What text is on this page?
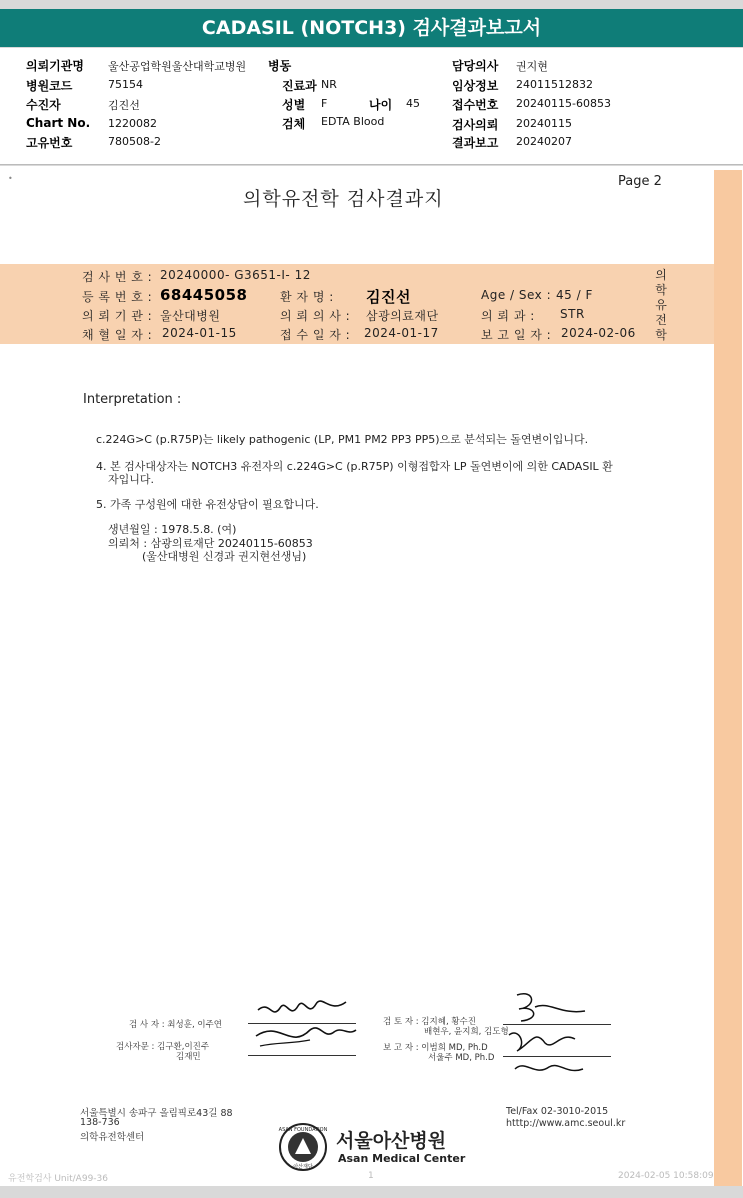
CADASIL (NOTCH3) 검사결과보고서
의뢰기관명 울산공업학원울산대학교병원 병동	담당의사 권지현
병원코드	75154	진료과 NR	임상정보 24011512832
수진자	김진선	성별 F	나이 45	접수번호 20240115-60853
Chart No. 1220082	검체 EDTA Blood	검사의뢰 20240115
고유번호	780508-2	결과보고 20240207
•	Page 2
의학유전학 검사결과지
검 사 번 호 : 20240000- G3651-I- 12
등 록 번 호 : 68445058	환 자 명 : 김진선	Age / Sex : 45 / F
의 뢰 기 관 : 울산대병원	의 뢰 의 사 : 삼광의료재단	의 뢰 과 : STR
채 혈 일 자 : 2024-01-15	접 수 일 자 : 2024-01-17	보 고 일 자 : 2024-02-06
의
학
유
전
학
Interpretation :
c.224G>C (p.R75P)는 likely pathogenic (LP, PM1 PM2 PP3 PP5)으로 분석되는 돌연변이입니다.
4. 본 검사대상자는 NOTCH3 유전자의 c.224G>C (p.R75P) 이형접합자 LP 돌연변이에 의한 CADASIL 환
자입니다.
5. 가족 구성원에 대한 유전상담이 필요합니다.
생년월일 : 1978.5.8. (여)
의뢰처 : 삼광의료재단 20240115-60853
(울산대병원 신경과 권지현선생님)
검 사 자 : 최성훈, 이주연
검사자문 : 김구환,이진주
김재민
검 토 자 : 김지혜, 황수진
배현우, 윤지희, 김도형
보 고 자 : 이범희 MD, Ph.D
서울주 MD, Ph.D
서울특별시 송파구 올림픽로43길 88
138-736
의학유전학센터
ASAN FOUNDATION
아산재단
서울아산병원
Asan Medical Center
Tel/Fax 02-3010-2015
htttp://www.amc.seoul.kr
유전학검사 Unit/A99-36	1	2024-02-05 10:58:09
